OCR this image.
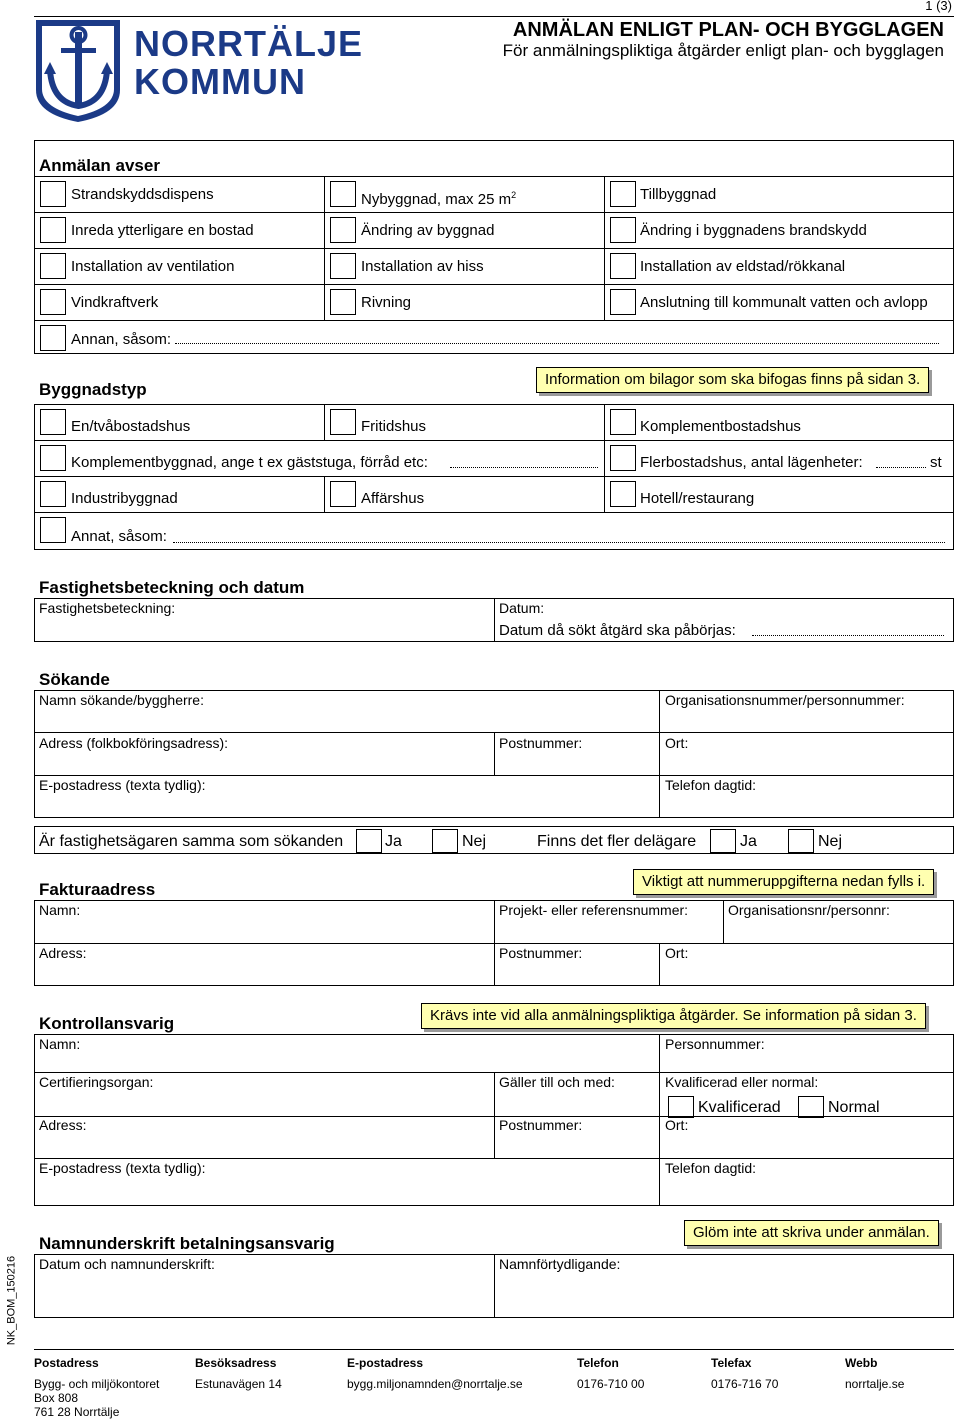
NORRTÄLJE
KOMMUN
1 (3)
ANMÄLAN ENLIGT PLAN- OCH BYGGLAGEN
För anmälningspliktiga åtgärder enligt plan- och bygglagen
Anmälan avser
Strandskyddsdispens	Nybyggnad, max 25 $m^2$	Tillbyggnad
Inreda ytterligare en bostad	Ändring av byggnad	Ändring i byggnadens brandskydd
Installation av ventilation	Installation av hiss	Installation av eldstad/rökkanal
Vindkraftverk	Rivning	Anslutning till kommunalt vatten och avlopp
Annan, såsom:
Byggnadstyp
Information om bilagor som ska bifogas finns på sidan 3.
En/tvåbostadshus	Fritidshus	Komplementbostadshus
Komplementbyggnad, ange t ex gäststuga, förråd etc:	Flerbostadshus, antal lägenheter:	st
Industribyggnad	Affärshus	Hotell/restaurang
Annat, såsom:
Fastighetsbeteckning och datum
Fastighetsbeteckning:	Datum:
Datum då sökt åtgärd ska påbörjas:
Sökande
Namn sökande/byggherre:	Organisationsnummer/personnummer:
Adress (folkbokföringsadress):	Postnummer:	Ort:
E-postadress (texta tydlig):	Telefon dagtid:
Är fastighetsägaren samma som sökanden	Ja	Nej	Finns det fler delägare	Ja	Nej
Fakturaadress	Viktigt att nummeruppgifterna nedan fylls i.
Namn:	Projekt- eller referensnummer:	Organisationsnr/personnr:
Adress:	Postnummer:	Ort:
Kontrollansvarig	Krävs inte vid alla anmälningspliktiga åtgärder. Se information på sidan 3.
Namn:	Personnummer:
Certifieringsorgan:	Gäller till och med:	Kvalificerad eller normal:
Kvalificerad	Normal
Adress:	Postnummer:	Ort:
E-postadress (texta tydlig):	Telefon dagtid:
NK_BOM_150216
Namnunderskrift betalningsansvarig
Glöm inte att skriva under anmälan.
Datum och namnunderskrift:	Namnförtydligande:
Postadress
Bygg- och miljökontoret
Box 808
761 28 Norrtälje
Besöksadress
Estunavägen 14
E-postadress
bygg.miljonamnden@norrtalje.se
Telefon
0176-710 00
Telefax
0176-716 70
Webb
norrtalje.se
